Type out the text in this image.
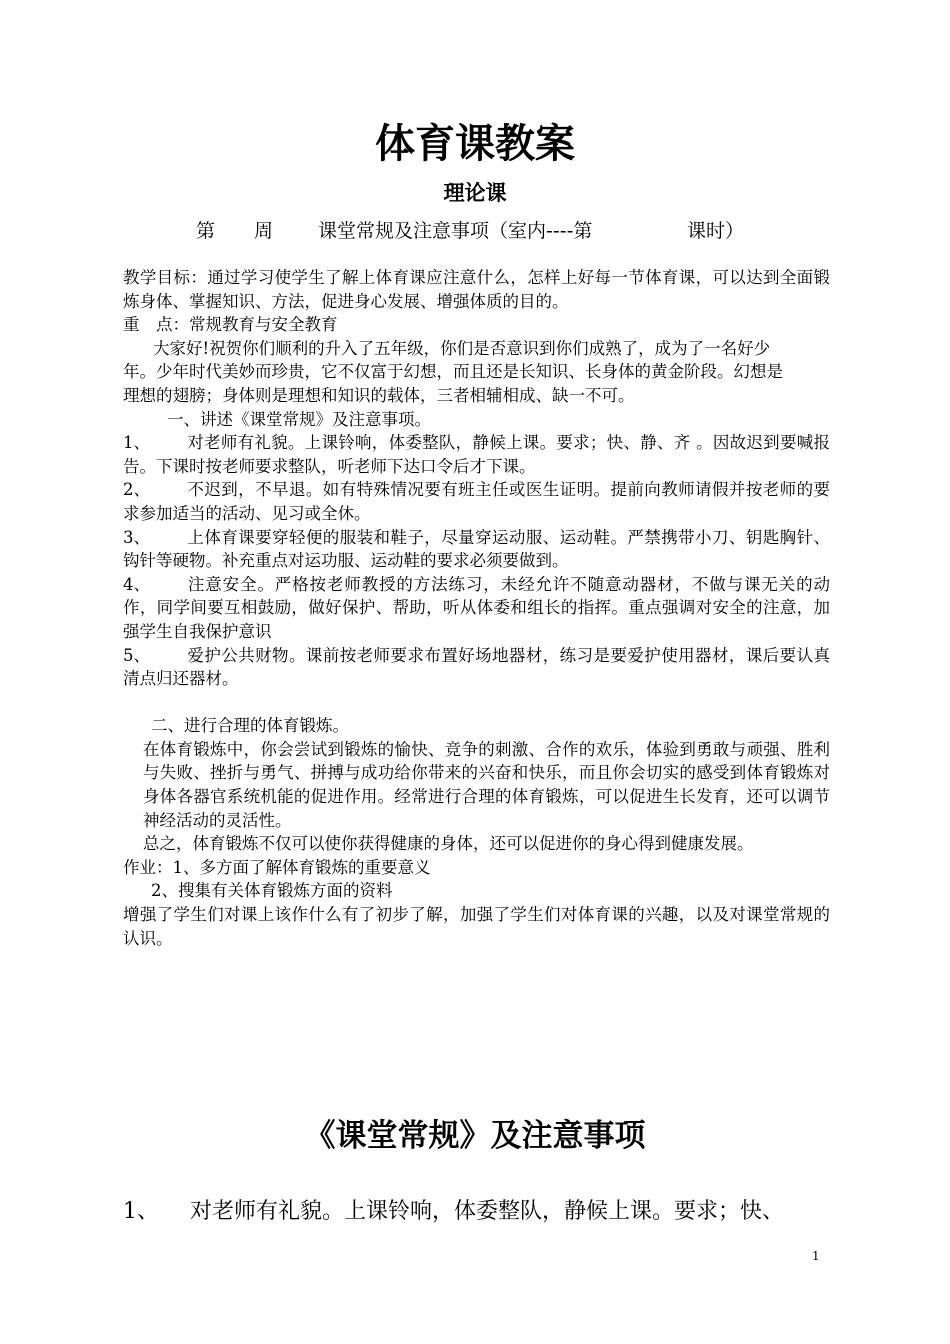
体育课教案
理论课
第 周 课堂常规及注意事项（室内----第	课时）

教学目标：通过学习使学生了解上体育课应注意什么，怎样上好每一节体育课，可以达到全面锻炼身体、掌握知识、方法，促进身心发展、增强体质的目的。

重　点：常规教育与安全教育

大家好!祝贺你们顺利的升入了五年级，你们是否意识到你们成熟了，成为了一名好少

年。少年时代美妙而珍贵，它不仅富于幻想，而且还是长知识、长身体的黄金阶段。幻想是

理想的翅膀；身体则是理想和知识的载体，三者相辅相成、缺一不可。

一、讲述《课堂常规》及注意事项。

1、 对老师有礼貌。上课铃响，体委整队，静候上课。要求；快、静、齐 。因故迟到要喊报告。下课时按老师要求整队，听老师下达口令后才下课。

2、 不迟到，不早退。如有特殊情况要有班主任或医生证明。提前向教师请假并按老师的要求参加适当的活动、见习或全休。

3、 上体育课要穿轻便的服装和鞋子，尽量穿运动服、运动鞋。严禁携带小刀、钥匙胸针、钩针等硬物。补充重点对运功服、运动鞋的要求必须要做到。

4、 注意安全。严格按老师教授的方法练习，未经允许不随意动器材，不做与课无关的动作，同学间要互相鼓励，做好保护、帮助，听从体委和组长的指挥。重点强调对安全的注意，加强学生自我保护意识

5、 爱护公共财物。课前按老师要求布置好场地器材，练习是要爱护使用器材，课后要认真清点归还器材。

二、进行合理的体育锻炼。

在体育锻炼中，你会尝试到锻炼的愉快、竞争的刺激、合作的欢乐，体验到勇敢与顽强、胜利与失败、挫折与勇气、拼搏与成功给你带来的兴奋和快乐，而且你会切实的感受到体育锻炼对身体各器官系统机能的促进作用。经常进行合理的体育锻炼，可以促进生长发育，还可以调节神经活动的灵活性。

总之，体育锻炼不仅可以使你获得健康的身体，还可以促进你的身心得到健康发展。

作业：1、多方面了解体育锻炼的重要意义

2、搜集有关体育锻炼方面的资料

增强了学生们对课上该作什么有了初步了解，加强了学生们对体育课的兴趣，以及对课堂常规的认识。

《课堂常规》及注意事项

1、 对老师有礼貌。上课铃响，体委整队，静候上课。要求；快、

1
